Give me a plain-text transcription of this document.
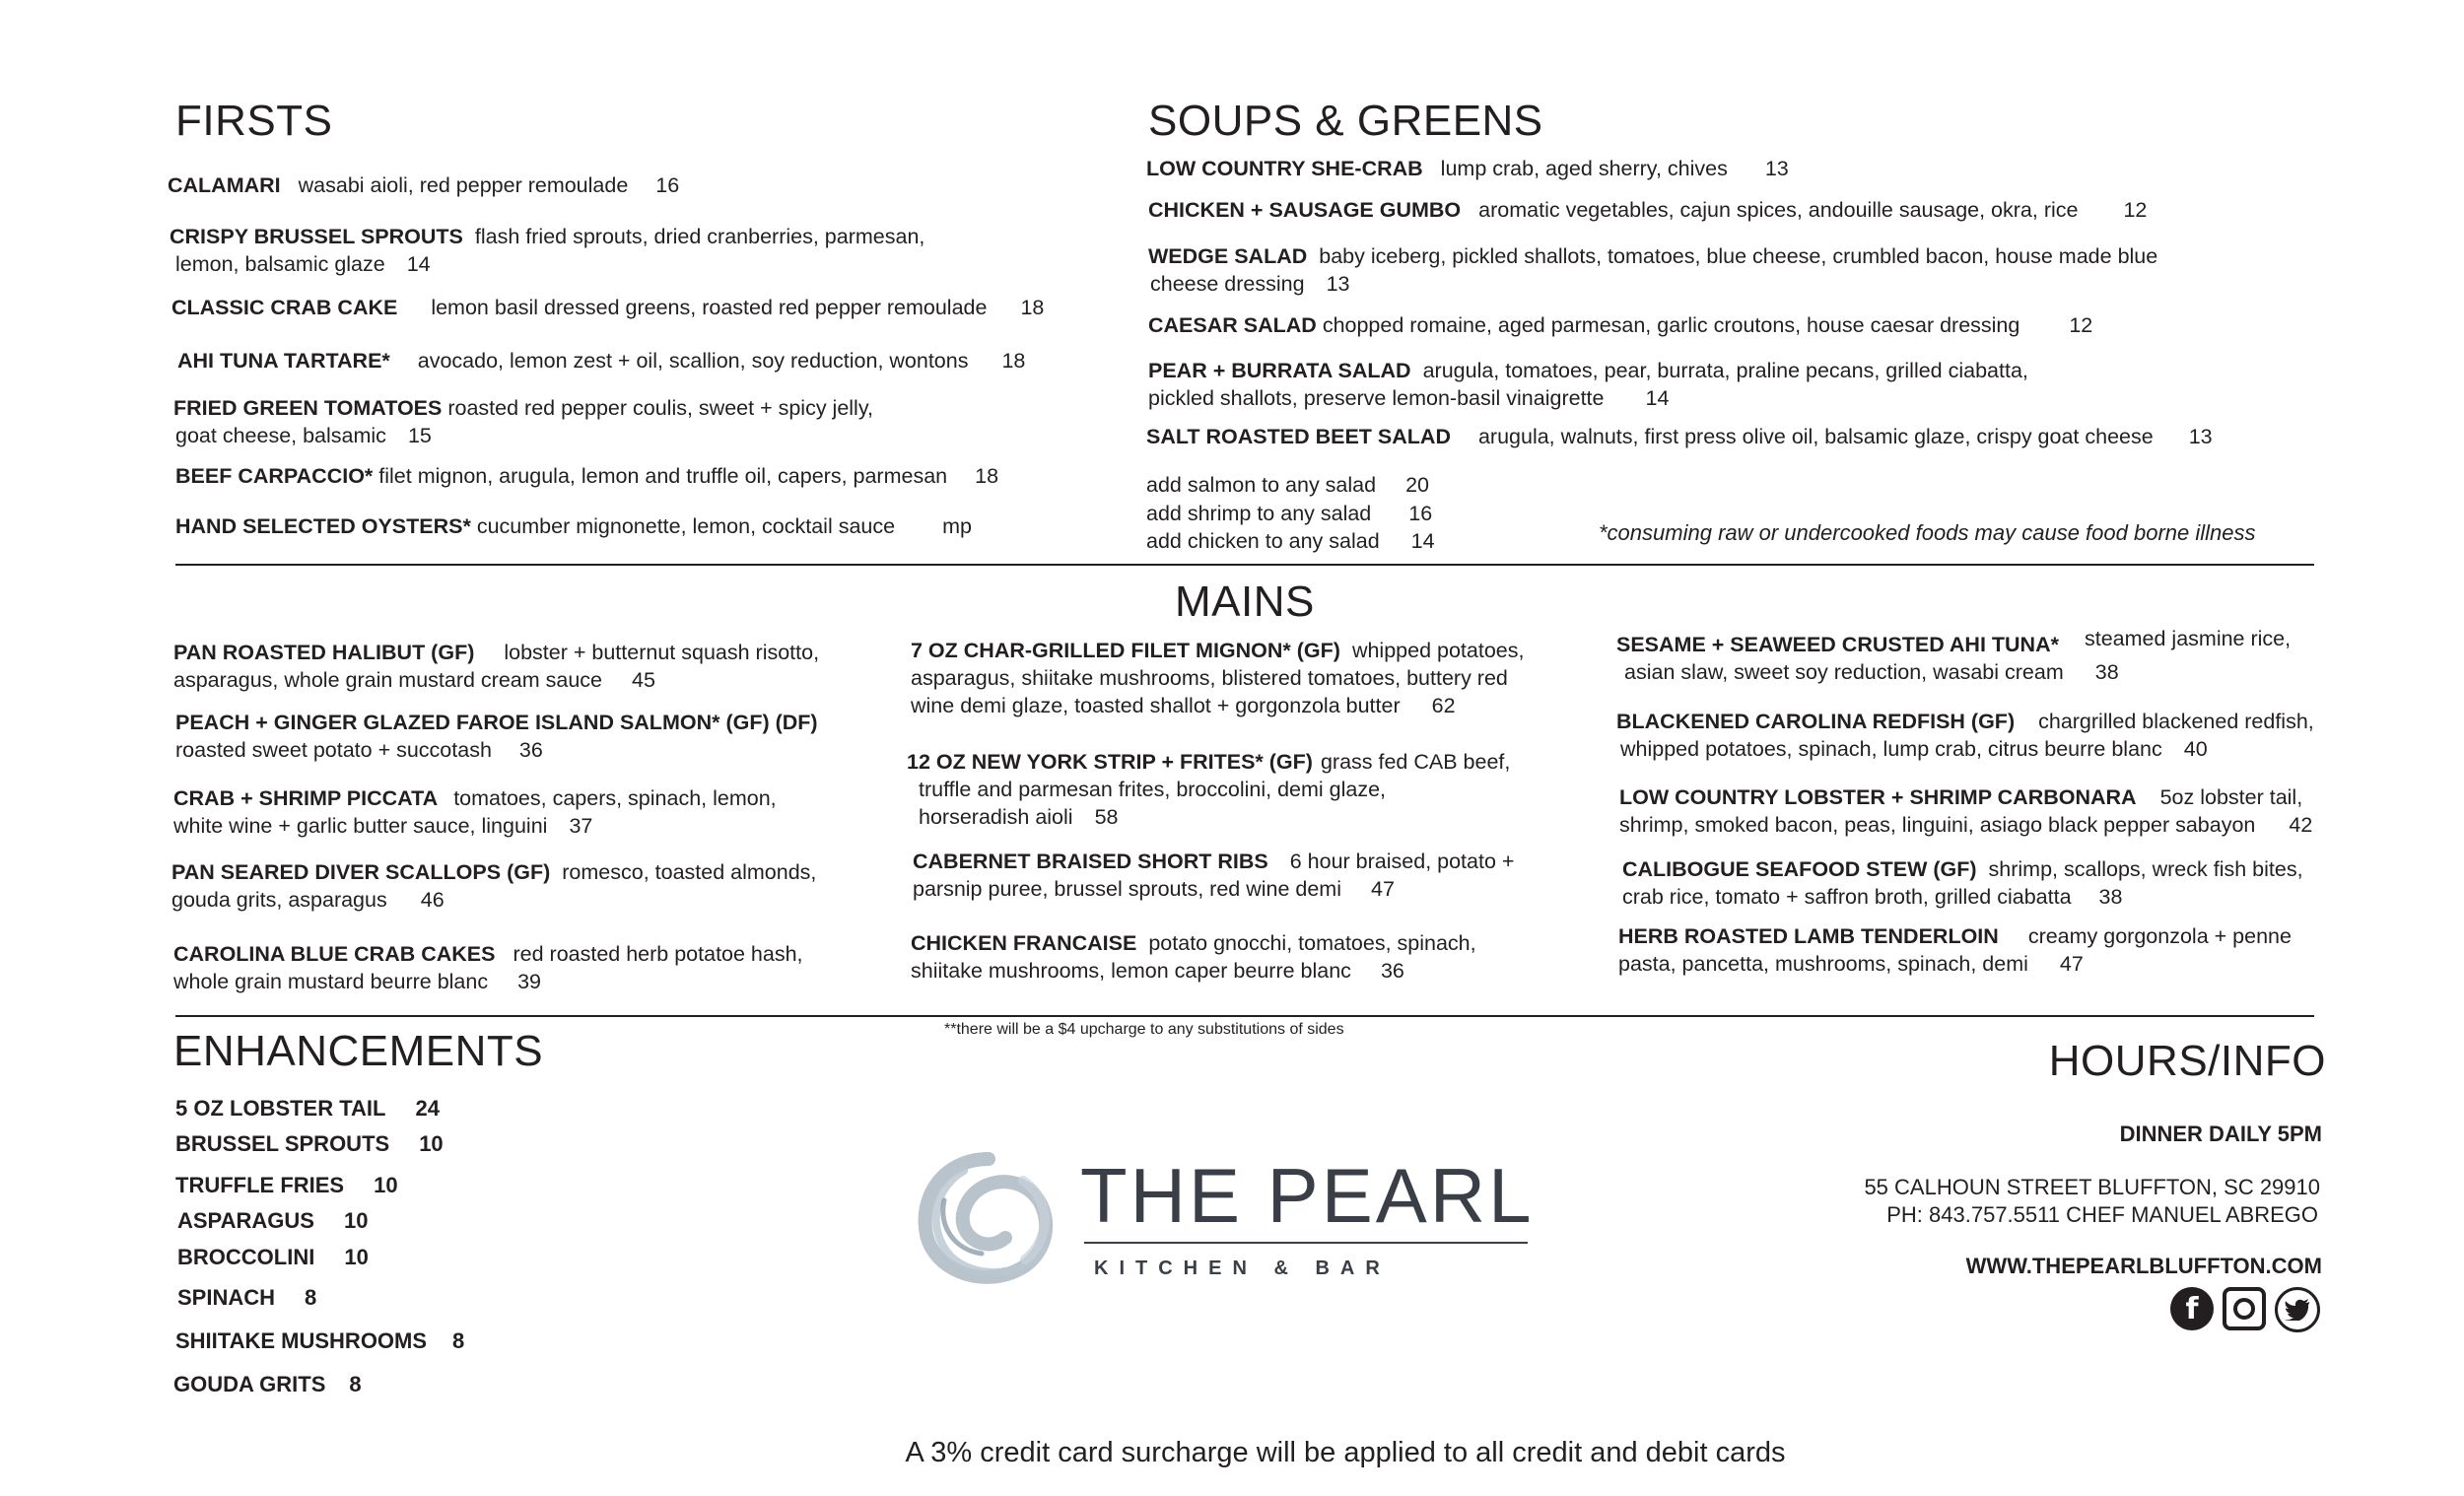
FIRSTS
CALAMARI wasabi aioli, red pepper remoulade 16
CRISPY BRUSSEL SPROUTS flash fried sprouts, dried cranberries, parmesan,
lemon, balsamic glaze 14
CLASSIC CRAB CAKE lemon basil dressed greens, roasted red pepper remoulade 18
AHI TUNA TARTARE* avocado, lemon zest + oil, scallion, soy reduction, wontons 18
FRIED GREEN TOMATOES roasted red pepper coulis, sweet + spicy jelly,
goat cheese, balsamic 15
BEEF CARPACCIO* filet mignon, arugula, lemon and truffle oil, capers, parmesan 18
HAND SELECTED OYSTERS* cucumber mignonette, lemon, cocktail sauce mp
SOUPS & GREENS
LOW COUNTRY SHE-CRAB lump crab, aged sherry, chives 13
CHICKEN + SAUSAGE GUMBO aromatic vegetables, cajun spices, andouille sausage, okra, rice 12
WEDGE SALAD baby iceberg, pickled shallots, tomatoes, blue cheese, crumbled bacon, house made blue
cheese dressing 13
CAESAR SALAD chopped romaine, aged parmesan, garlic croutons, house caesar dressing 12
PEAR + BURRATA SALAD arugula, tomatoes, pear, burrata, praline pecans, grilled ciabatta,
pickled shallots, preserve lemon-basil vinaigrette 14
SALT ROASTED BEET SALAD arugula, walnuts, first press olive oil, balsamic glaze, crispy goat cheese 13
add salmon to any salad 20
add shrimp to any salad 16
add chicken to any salad 14	*consuming raw or undercooked foods may cause food borne illness
MAINS
PAN ROASTED HALIBUT (GF) lobster + butternut squash risotto,
asparagus, whole grain mustard cream sauce 45
PEACH + GINGER GLAZED FAROE ISLAND SALMON* (GF) (DF)
roasted sweet potato + succotash 36
CRAB + SHRIMP PICCATA tomatoes, capers, spinach, lemon,
white wine + garlic butter sauce, linguini 37
PAN SEARED DIVER SCALLOPS (GF) romesco, toasted almonds,
gouda grits, asparagus 46
CAROLINA BLUE CRAB CAKES red roasted herb potatoe hash,
whole grain mustard beurre blanc 39
7 OZ CHAR-GRILLED FILET MIGNON* (GF) whipped potatoes,
asparagus, shiitake mushrooms, blistered tomatoes, buttery red
wine demi glaze, toasted shallot + gorgonzola butter 62
12 OZ NEW YORK STRIP + FRITES* (GF) grass fed CAB beef,
truffle and parmesan frites, broccolini, demi glaze,
horseradish aioli 58
CABERNET BRAISED SHORT RIBS 6 hour braised, potato +
parsnip puree, brussel sprouts, red wine demi 47
CHICKEN FRANCAISE potato gnocchi, tomatoes, spinach,
shiitake mushrooms, lemon caper beurre blanc 36
SESAME + SEAWEED CRUSTED AHI TUNA* steamed jasmine rice,
asian slaw, sweet soy reduction, wasabi cream 38
BLACKENED CAROLINA REDFISH (GF) chargrilled blackened redfish,
whipped potatoes, spinach, lump crab, citrus beurre blanc 40
LOW COUNTRY LOBSTER + SHRIMP CARBONARA 5oz lobster tail,
shrimp, smoked bacon, peas, linguini, asiago black pepper sabayon 42
CALIBOGUE SEAFOOD STEW (GF) shrimp, scallops, wreck fish bites,
crab rice, tomato + saffron broth, grilled ciabatta 38
HERB ROASTED LAMB TENDERLOIN creamy gorgonzola + penne
pasta, pancetta, mushrooms, spinach, demi 47
**there will be a $4 upcharge to any substitutions of sides
ENHANCEMENTS
5 OZ LOBSTER TAIL 24
BRUSSEL SPROUTS 10
TRUFFLE FRIES 10
ASPARAGUS 10
BROCCOLINI 10
SPINACH 8
SHIITAKE MUSHROOMS 8
GOUDA GRITS 8
THE PEARL
KITCHEN & BAR
HOURS/INFO
DINNER DAILY 5PM
55 CALHOUN STREET BLUFFTON, SC 29910
PH: 843.757.5511 CHEF MANUEL ABREGO
WWW.THEPEARLBLUFFTON.COM
f
A 3% credit card surcharge will be applied to all credit and debit cards
